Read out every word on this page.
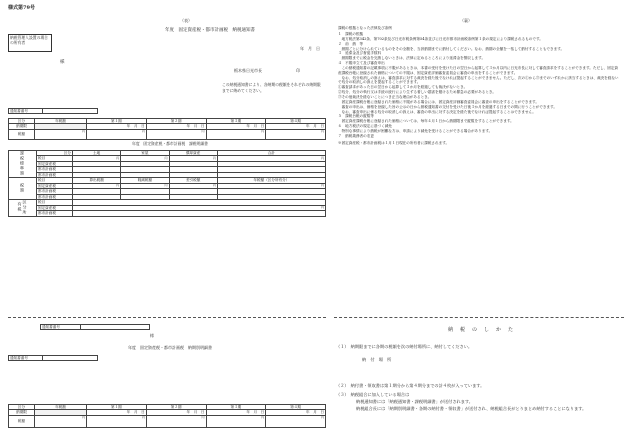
様式第79号
（表）
年度　固定資産税・都市計画税　納税通知書
納税管理人設置の場合の所有者
年　月　日
様
栃木県日光市長	印
この納税通知書により、各納期の税額をそれぞれの納期限までに納めてください。
通知書番号	
区分	年税額	第１期	第２期	第３期	第４期
納期限		年　月　日	年　月　日	年　月　日	年　月　日
税額	円	円	円	円	円
年度　固定資産税・都市計画税　課税明細書
課税標準額	区分	土地	家屋	償却資産	合計
	税目	円	円	円	円
	固定資産税				
	都市計画税				
	都市計画税				
税額	税目	算出税額	軽減税額	差引税額	年税額（区分所有分）
	固定資産税	円	円	円	円
	都市計画税				
	都市計画税				
区分所有税	税目				
	固定資産税	円			
	都市計画税				
通知書番号	
様
年度　固定資産税・都市計画税　納期別明細書
通知書番号	
区分	年税額	第１期	第２期	第３期	第４期
納期限		年　月　日	年　月　日	年　月　日	年　月　日
税額	円	円	円	円	円
（裏）
課税の根拠となった法律及び条例
１　課税の根拠
　地方税法第342条、第702条及び日光市税条例第54条並びに日光市都市計画税条例第１条の規定により課税されるものです。
２　前　納　等
　納期ごとに分けられているものをその全額を、当該納期までに納付してください。なお、納期の全額を一括して納付することもできます。
３　延滞金及び督促手数料
　納期限までに税金を完納しないときは、法律に定めるところにより延滞金を徴収します。
４　不服申立て及び審査申出
　この納税通知書の記載事項に不服があるときは、本書の受付を受けた日の翌日から起算して３か月以内に日光市長に対して審査請求をすることができます。ただし、固定資産課税台帳に登録された価格についての不服は、固定資産評価審査委員会に審査の申出をすることができます。
　なお、処分取消しの訴えは、審査請求に対する裁決を経た後でなければ提起することができません。ただし、次の①から③までのいずれかに該当するときは、裁決を経ないで処分の取消しの訴えを提起することができます。
①審査請求があった日の翌日から起算して３か月を経過しても裁決がないとき。
②処分、処分の執行又は手続の続行により生ずる著しい損害を避けるため緊急の必要があるとき。
③その他裁決を経ないことにつき正当な理由があるとき。
　固定資産課税台帳に登録された価格に不服がある場合には、固定資産評価審査委員会に審査の申出をすることができます。
　審査の申出は、価格を登録した旨の公示の日から納税通知書の交付を受けた日後３か月を経過する日までの間に行うことができます。
　なお、審査申出に係る処分の取消しの訴えは、審査の申出に対する決定を経た後でなければ提起することはできません。
５　課税台帳の縦覧等
　固定資産課税台帳に登録された価格については、毎年４月１日から納期限まで縦覧をすることができます。
６　地方税法の規定に基づく減免
　特別な事情により納税が困難な方は、申請により減免を受けることができる場合があります。
７　納税義務者の変更
※固定資産税・都市計画税は１月１日現在の所有者に課税されます。
納　税　の　し　か　た
（１）　納期限までに各期の税額を次の納付場所に、納付してください。
納　付　場　所
（２）　納付書・領収書は第１期分から第４期分までの計４枚が入っています。
（３）　納税組合に加入している場合は
納税通知書には「納税通知書・課税明細書」が送付されます。
納税組合長には「納期別明細書・各期の納付書・領収書」が送付され、納税組合長がとりまとめ納付することになります。
